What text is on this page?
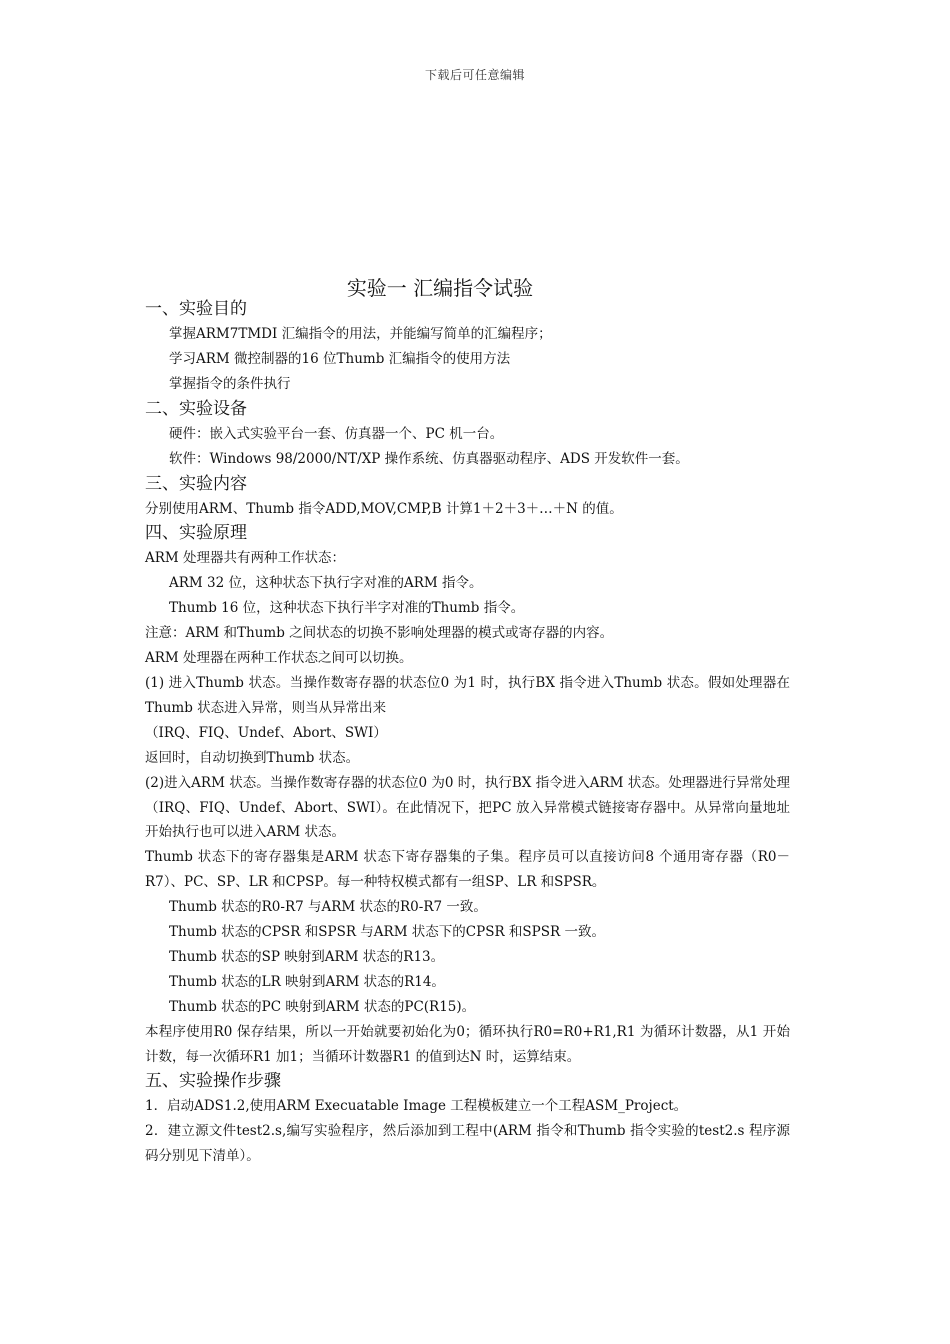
下载后可任意编辑
实验一 汇编指令试验
一、实验目的

掌握ARM7TMDI 汇编指令的用法，并能编写简单的汇编程序；

学习ARM 微控制器的16 位Thumb 汇编指令的使用方法

掌握指令的条件执行

二、实验设备

硬件：嵌入式实验平台一套、仿真器一个、PC 机一台。

软件：Windows 98/2000/NT/XP 操作系统、仿真器驱动程序、ADS 开发软件一套。

三、实验内容

分别使用ARM、Thumb 指令ADD,MOV,CMP,B 计算1＋2＋3＋…＋N 的值。

四、实验原理

ARM 处理器共有两种工作状态：

ARM 32 位，这种状态下执行字对准的ARM 指令。

Thumb 16 位，这种状态下执行半字对准的Thumb 指令。

注意：ARM 和Thumb 之间状态的切换不影响处理器的模式或寄存器的内容。

ARM 处理器在两种工作状态之间可以切换。

(1) 进入Thumb 状态。当操作数寄存器的状态位0 为1 时，执行BX 指令进入Thumb 状态。假如处理器在Thumb 状态进入异常，则当从异常出来

（IRQ、FIQ、Undef、Abort、SWI）

返回时，自动切换到Thumb 状态。

(2)进入ARM 状态。当操作数寄存器的状态位0 为0 时，执行BX 指令进入ARM 状态。处理器进行异常处理（IRQ、FIQ、Undef、Abort、SWI）。在此情况下，把PC 放入异常模式链接寄存器中。从异常向量地址开始执行也可以进入ARM 状态。

Thumb 状态下的寄存器集是ARM 状态下寄存器集的子集。程序员可以直接访问8 个通用寄存器（R0－R7）、PC、SP、LR 和CPSP。每一种特权模式都有一组SP、LR 和SPSR。

Thumb 状态的R0-R7 与ARM 状态的R0-R7 一致。

Thumb 状态的CPSR 和SPSR 与ARM 状态下的CPSR 和SPSR 一致。

Thumb 状态的SP 映射到ARM 状态的R13。

Thumb 状态的LR 映射到ARM 状态的R14。

Thumb 状态的PC 映射到ARM 状态的PC(R15)。

本程序使用R0 保存结果，所以一开始就要初始化为0；循环执行R0=R0+R1,R1 为循环计数器，从1 开始计数，每一次循环R1 加1；当循环计数器R1 的值到达N 时，运算结束。

五、实验操作步骤

1．启动ADS1.2,使用ARM Execuatable Image 工程模板建立一个工程ASM_Project。

2．建立源文件test2.s,编写实验程序，然后添加到工程中(ARM 指令和Thumb 指令实验的test2.s 程序源码分别见下清单）。
